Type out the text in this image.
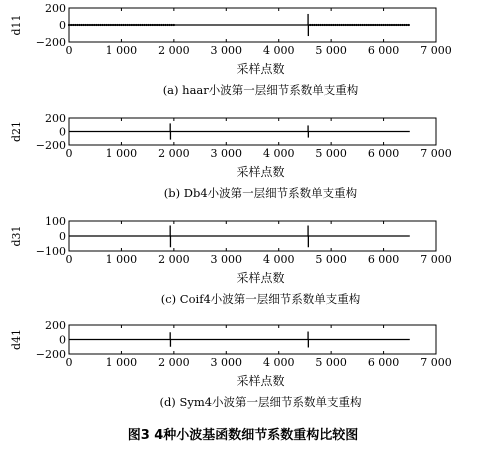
0	1 000 2 000 3 000 4 000 5 000 6 000 7 000
200
0
−200
d11
采样点数
(a) haar小波第一层细节系数单支重构
0	1 000 2 000 3 000 4 000 5 000 6 000 7 000
200
0
−200
d21
采样点数
(b) Db4小波第一层细节系数单支重构
0	1 000 2 000 3 000 4 000 5 000 6 000 7 000
100
0
−100
d31
采样点数
(c) Coif4小波第一层细节系数单支重构
0	1 000 2 000 3 000 4 000 5 000 6 000 7 000
200
0
−200
d41
采样点数
(d) Sym4小波第一层细节系数单支重构
图3 4种小波基函数细节系数重构比较图
